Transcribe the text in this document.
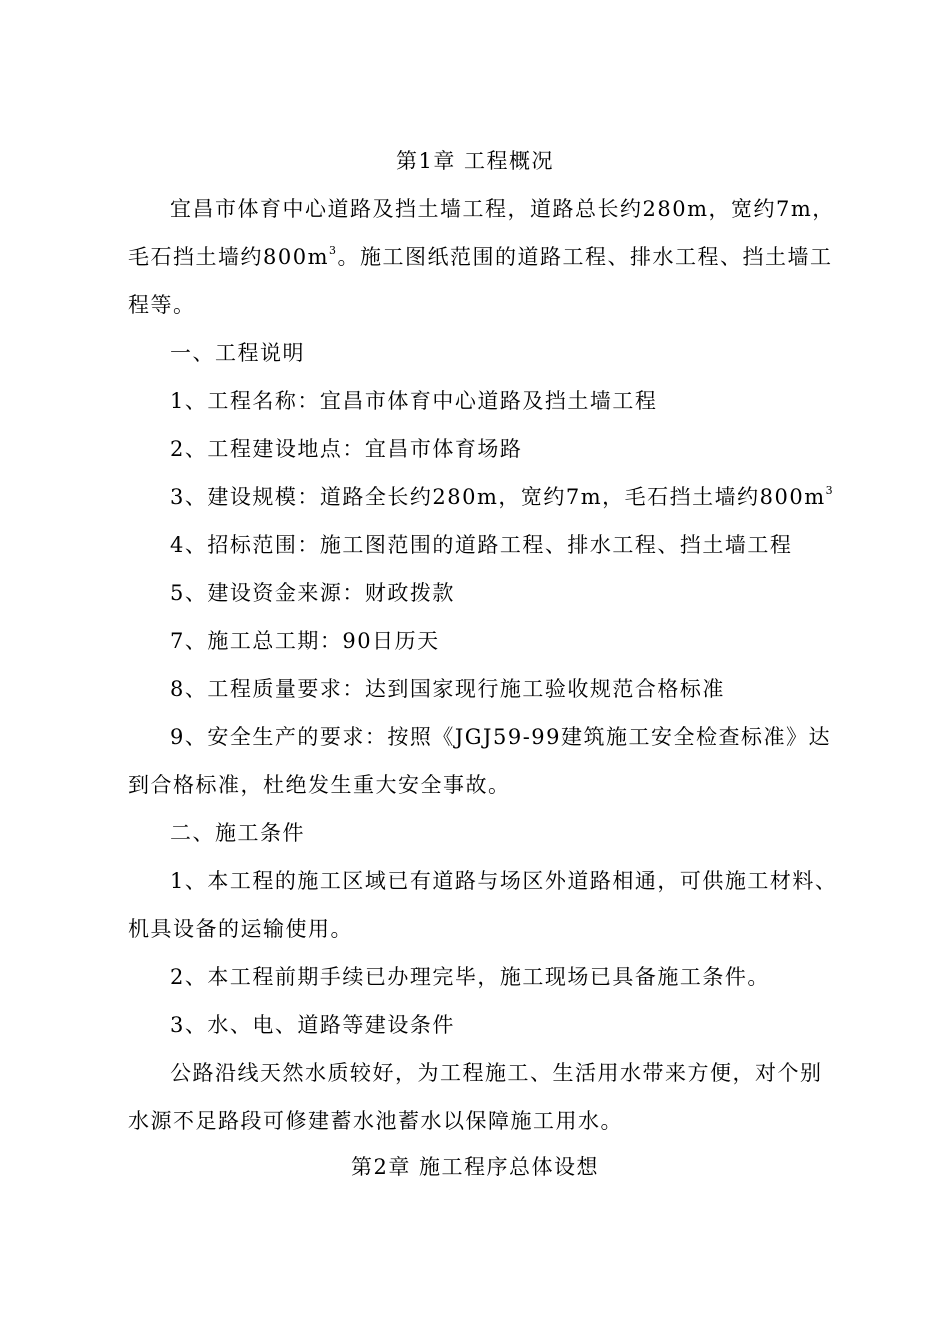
第1章 工程概况
宜昌市体育中心道路及挡土墙工程，道路总长约280m，宽约7m，
毛石挡土墙约$800m^3$。施工图纸范围的道路工程、排水工程、挡土墙工
程等。
一、工程说明
1、工程名称：宜昌市体育中心道路及挡土墙工程
2、工程建设地点：宜昌市体育场路
3、建设规模：道路全长约280m，宽约7m，毛石挡土墙约$800m^3$
4、招标范围：施工图范围的道路工程、排水工程、挡土墙工程
5、建设资金来源：财政拨款
7、施工总工期：90日历天
8、工程质量要求：达到国家现行施工验收规范合格标准
9、安全生产的要求：按照《JGJ59-99建筑施工安全检查标准》达
到合格标准，杜绝发生重大安全事故。
二、施工条件
1、本工程的施工区域已有道路与场区外道路相通，可供施工材料、
机具设备的运输使用。
2、本工程前期手续已办理完毕，施工现场已具备施工条件。
3、水、电、道路等建设条件
公路沿线天然水质较好，为工程施工、生活用水带来方便，对个别
水源不足路段可修建蓄水池蓄水以保障施工用水。
第2章 施工程序总体设想
